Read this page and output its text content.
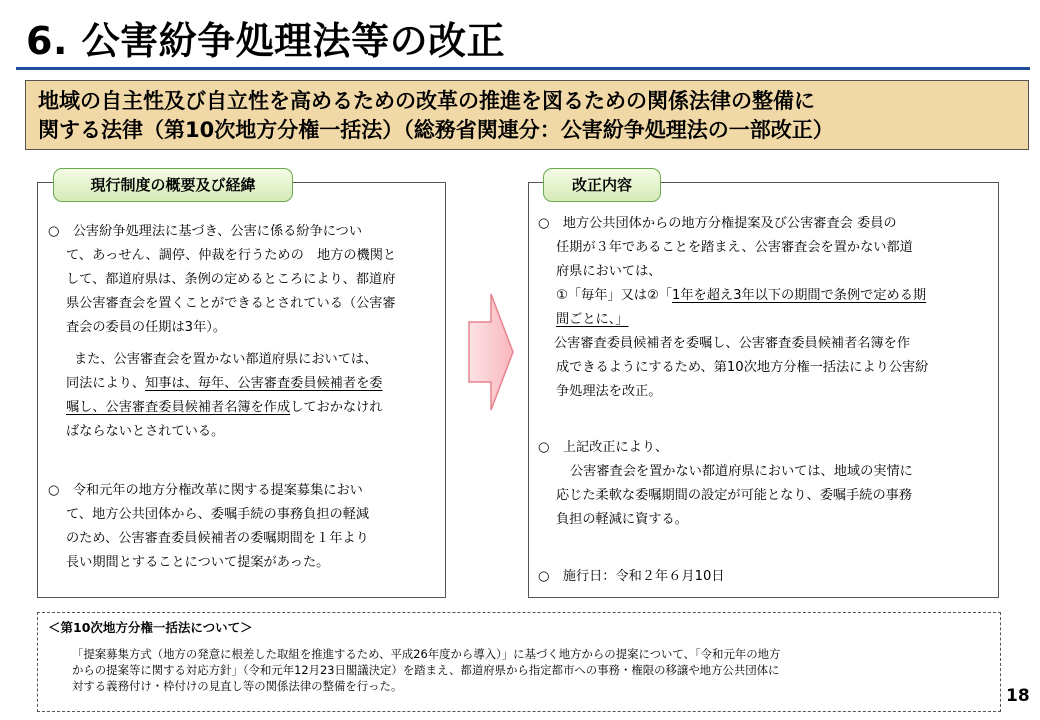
6. 公害紛争処理法等の改正
地域の自主性及び自立性を高めるための改革の推進を図るための関係法律の整備に
関する法律（第10次地方分権一括法）（総務省関連分：公害紛争処理法の一部改正）
現行制度の概要及び経緯
○　公害紛争処理法に基づき、公害に係る紛争につい
て、あっせん、調停、仲裁を行うための　地方の機関と
して、都道府県は、条例の定めるところにより、都道府
県公害審査会を置くことができるとされている（公害審
査会の委員の任期は3年）。
また、公害審査会を置かない都道府県においては、
同法により、知事は、毎年、公害審査委員候補者を委
嘱し、公害審査委員候補者名簿を作成しておかなけれ
ばならないとされている。
○　令和元年の地方分権改革に関する提案募集におい
て、地方公共団体から、委嘱手続の事務負担の軽減
のため、公害審査委員候補者の委嘱期間を１年より
長い期間とすることについて提案があった。
改正内容
○　地方公共団体からの地方分権提案及び公害審査会 委員の
任期が３年であることを踏まえ、公害審査会を置かない都道
府県においては、
①「毎年」又は②「1年を超え3年以下の期間で条例で定める期
間ごとに、」
公害審査委員候補者を委嘱し、公害審査委員候補者名簿を作
成できるようにするため、第10次地方分権一括法により公害紛
争処理法を改正。
○　上記改正により、
公害審査会を置かない都道府県においては、地域の実情に
応じた柔軟な委嘱期間の設定が可能となり、委嘱手続の事務
負担の軽減に資する。
○　施行日：令和２年６月10日
＜第10次地方分権一括法について＞
「提案募集方式（地方の発意に根差した取組を推進するため、平成26年度から導入）」に基づく地方からの提案について、「令和元年の地方
からの提案等に関する対応方針」（令和元年12月23日閣議決定）を踏まえ、都道府県から指定都市への事務・権限の移譲や地方公共団体に
対する義務付け・枠付けの見直し等の関係法律の整備を行った。	18
